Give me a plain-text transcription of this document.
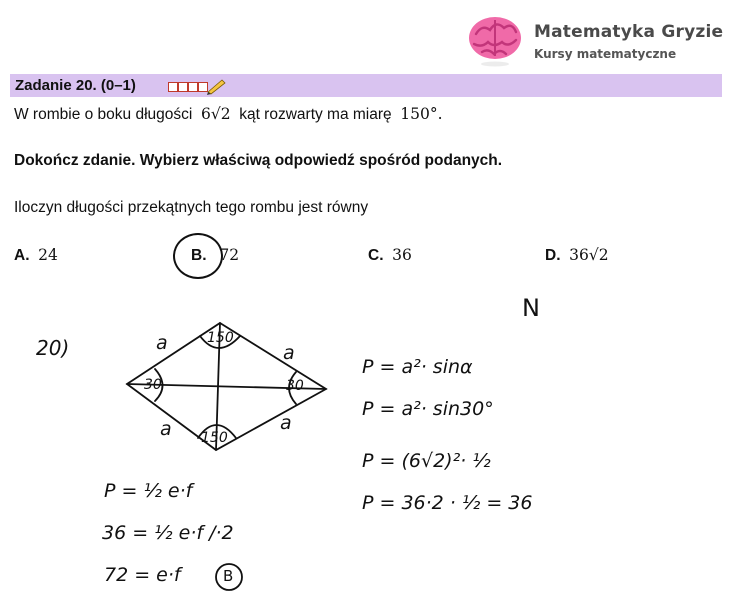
Matematyka Gryzie
Kursy matematyczne
Zadanie 20. (0–1)
W rombie o boku długości 6√2 kąt rozwarty ma miarę 150°.
Dokończ zdanie. Wybierz właściwą odpowiedź spośród podanych.
Iloczyn długości przekątnych tego rombu jest równy
A. 24	B. 72	C. 36	D. 36√2
N
20)	a	a
a	a
150
150
30	30
P = ½ e·f
36 = ½ e·f /·2
72 = e·f	B
P = a²· sinα
P = a²· sin30°
P = (6√2)²· ½
P = 36·2 · ½ = 36
